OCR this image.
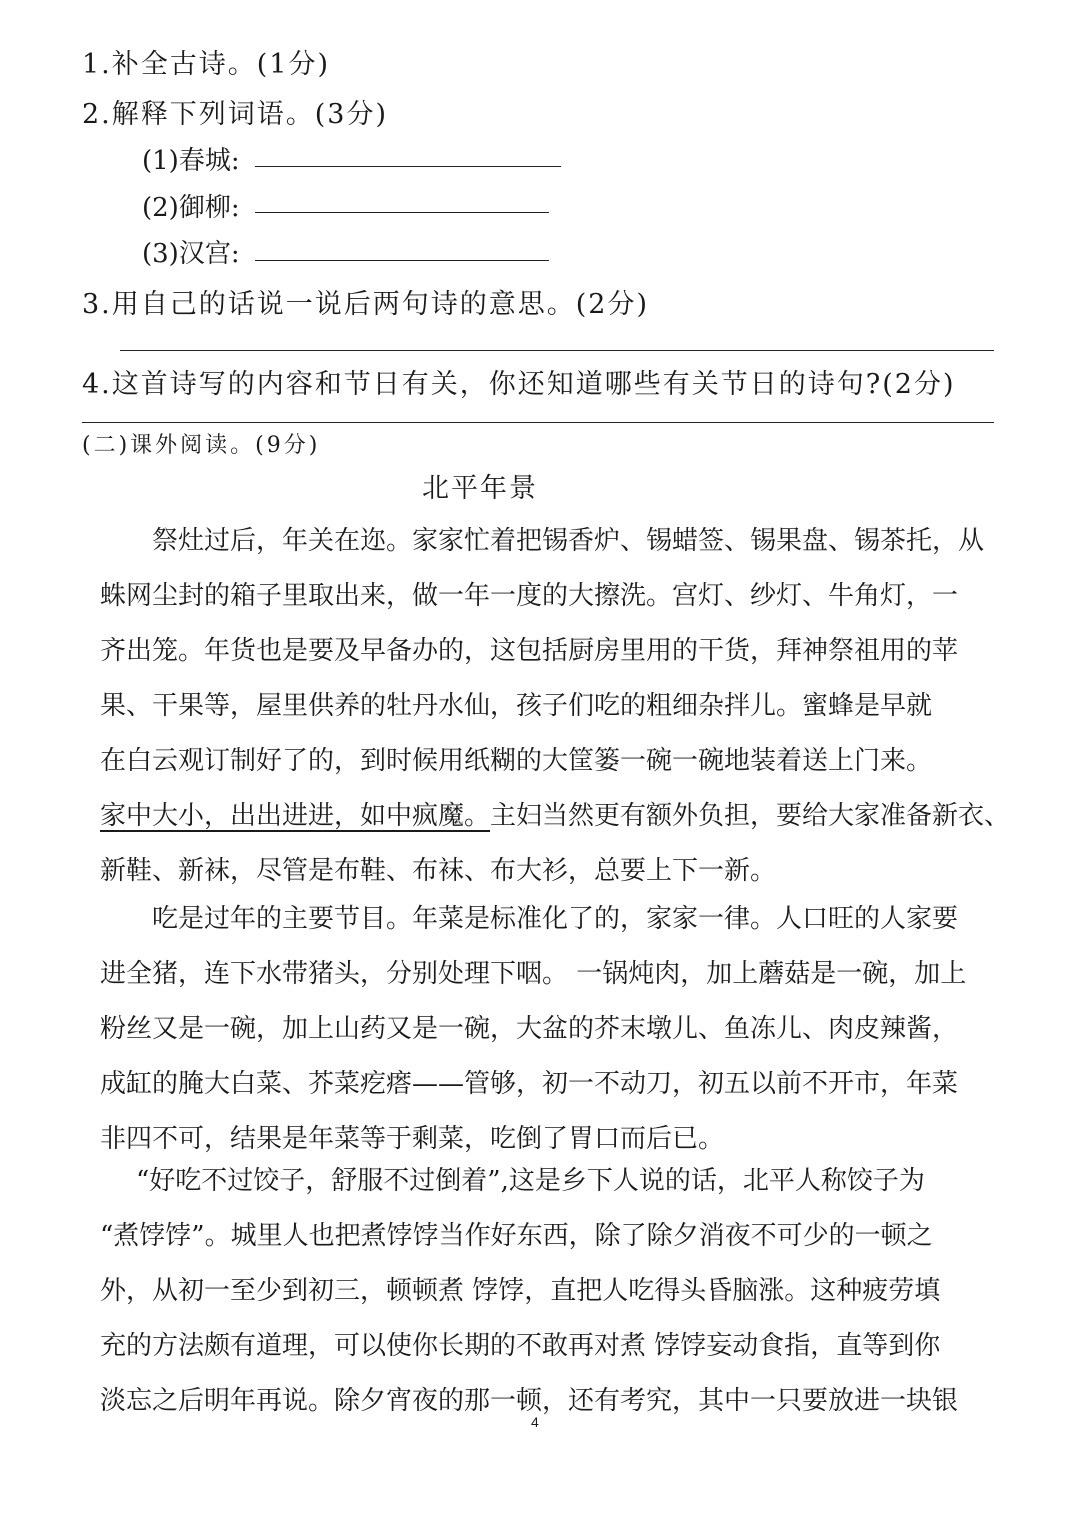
1.补全古诗。(1分)
2.解释下列词语。(3分)
(1)春城:
(2)御柳:
(3)汉宫:
3.用自己的话说一说后两句诗的意思。(2分)
4.这首诗写的内容和节日有关，你还知道哪些有关节日的诗句?(2分)
(二)课外阅读。(9分)
北平年景
祭灶过后，年关在迩。家家忙着把锡香炉、锡蜡签、锡果盘、锡茶托，从
蛛网尘封的箱子里取出来，做一年一度的大擦洗。宫灯、纱灯、牛角灯，一
齐出笼。年货也是要及早备办的，这包括厨房里用的干货，拜神祭祖用的苹
果、干果等，屋里供养的牡丹水仙，孩子们吃的粗细杂拌儿。蜜蜂是早就
在白云观订制好了的，到时候用纸糊的大筐篓一碗一碗地装着送上门来。
家中大小，出出进进，如中疯魔。主妇当然更有额外负担，要给大家准备新衣、
新鞋、新袜，尽管是布鞋、布袜、布大衫，总要上下一新。
吃是过年的主要节目。年菜是标准化了的，家家一律。人口旺的人家要
进全猪，连下水带猪头，分别处理下咽。 一锅炖肉，加上蘑菇是一碗，加上
粉丝又是一碗，加上山药又是一碗，大盆的芥末墩儿、鱼冻儿、肉皮辣酱，
成缸的腌大白菜、芥菜疙瘩——管够，初一不动刀，初五以前不开市，年菜
非四不可，结果是年菜等于剩菜，吃倒了胃口而后已。
“好吃不过饺子，舒服不过倒着”,这是乡下人说的话，北平人称饺子为
“煮饽饽”。城里人也把煮饽饽当作好东西，除了除夕消夜不可少的一顿之
外，从初一至少到初三，顿顿煮 饽饽，直把人吃得头昏脑涨。这种疲劳填
充的方法颇有道理，可以使你长期的不敢再对煮 饽饽妄动食指，直等到你
淡忘之后明年再说。除夕宵夜的那一顿，还有考究，其中一只要放进一块银
4
